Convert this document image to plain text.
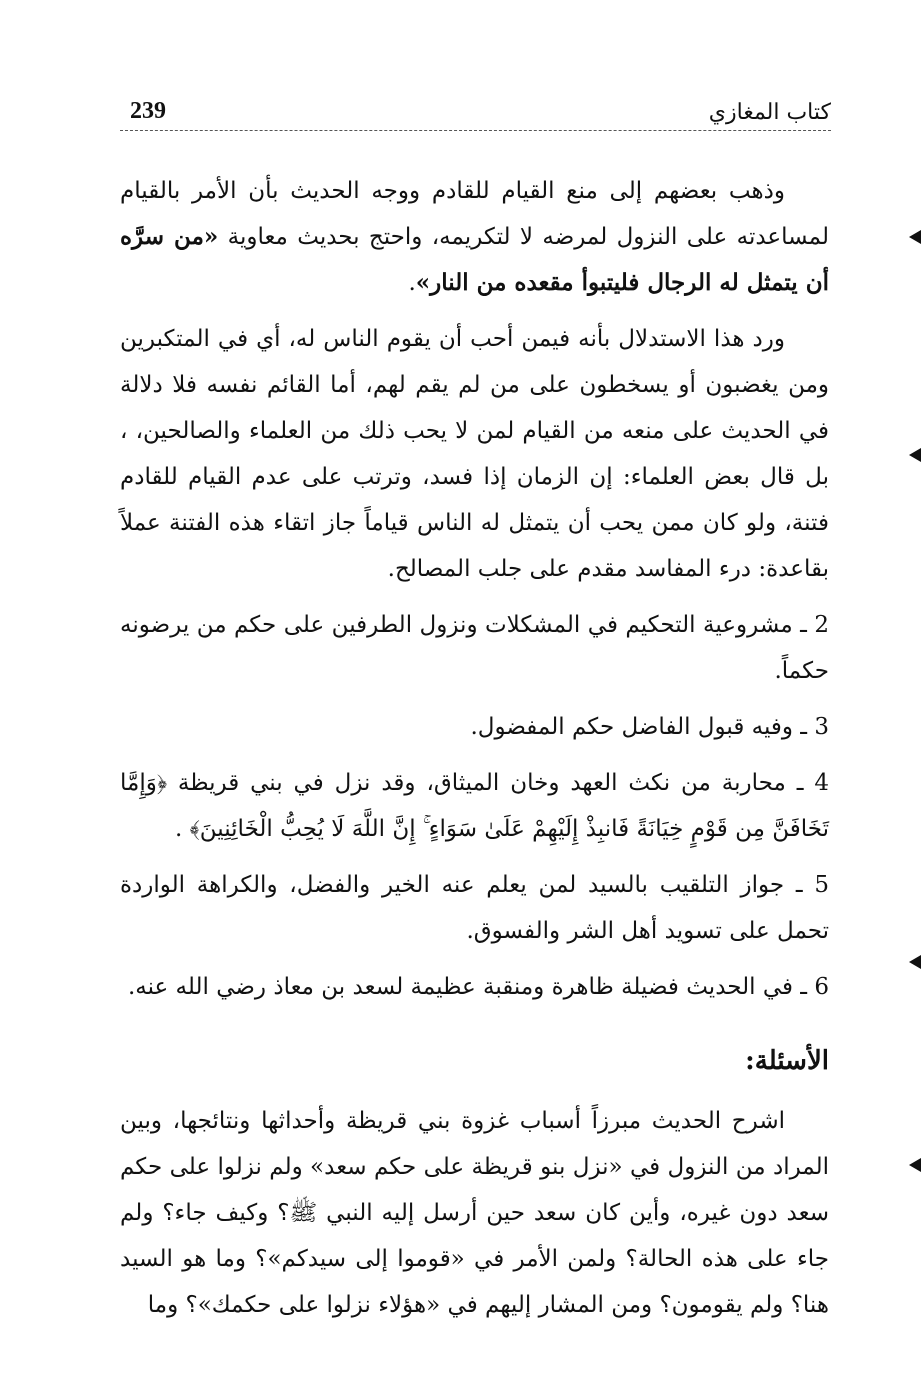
239	كتاب المغازي

وذهب بعضهم إلى منع القيام للقادم ووجه الحديث بأن الأمر بالقيام لمساعدته على النزول لمرضه لا لتكريمه، واحتج بحديث معاوية «من سرَّه أن يتمثل له الرجال فليتبوأ مقعده من النار».

ورد هذا الاستدلال بأنه فيمن أحب أن يقوم الناس له، أي في المتكبرين ومن يغضبون أو يسخطون على من لم يقم لهم، أما القائم نفسه فلا دلالة في الحديث على منعه من القيام لمن لا يحب ذلك من العلماء والصالحين، ، بل قال بعض العلماء: إن الزمان إذا فسد، وترتب على عدم القيام للقادم فتنة، ولو كان ممن يحب أن يتمثل له الناس قياماً جاز اتقاء هذه الفتنة عملاً بقاعدة: درء المفاسد مقدم على جلب المصالح.

2 ـ مشروعية التحكيم في المشكلات ونزول الطرفين على حكم من يرضونه حكماً.

3 ـ وفيه قبول الفاضل حكم المفضول.

4 ـ محاربة من نكث العهد وخان الميثاق، وقد نزل في بني قريظة ﴿وَإِمَّا تَخَافَنَّ مِن قَوْمٍ خِيَانَةً فَانبِذْ إِلَيْهِمْ عَلَىٰ سَوَاءٍ ۚ إِنَّ اللَّهَ لَا يُحِبُّ الْخَائِنِينَ﴾ .

5 ـ جواز التلقيب بالسيد لمن يعلم عنه الخير والفضل، والكراهة الواردة تحمل على تسويد أهل الشر والفسوق.

6 ـ في الحديث فضيلة ظاهرة ومنقبة عظيمة لسعد بن معاذ رضي الله عنه.

الأسئلة:

اشرح الحديث مبرزاً أسباب غزوة بني قريظة وأحداثها ونتائجها، وبين المراد من النزول في «نزل بنو قريظة على حكم سعد» ولم نزلوا على حكم سعد دون غيره، وأين كان سعد حين أرسل إليه النبي ﷺ؟ وكيف جاء؟ ولم جاء على هذه الحالة؟ ولمن الأمر في «قوموا إلى سيدكم»؟ وما هو السيد هنا؟ ولم يقومون؟ ومن المشار إليهم في «هؤلاء نزلوا على حكمك»؟ وما
